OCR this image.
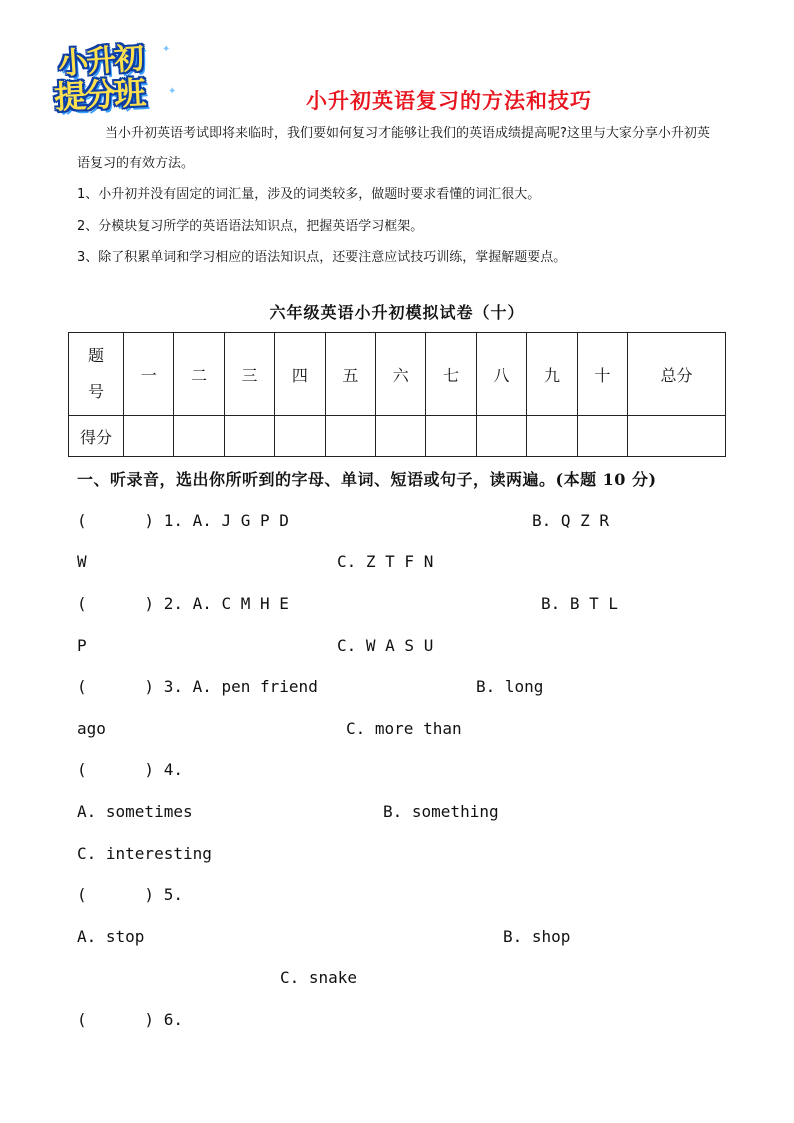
小升初
提分班
✦
✦	小升初英语复习的方法和技巧
当小升初英语考试即将来临时，我们要如何复习才能够让我们的英语成绩提高呢?这里与大家分享小升初英语复习的有效方法。
1、小升初并没有固定的词汇量，涉及的词类较多，做题时要求看懂的词汇很大。
2、分模块复习所学的英语语法知识点，把握英语学习框架。
3、除了积累单词和学习相应的语法知识点，还要注意应试技巧训练，掌握解题要点。
六年级英语小升初模拟试卷（十）
题
号	一	二	三	四	五	六	七	八	九	十	总分
得分											
一、听录音，选出你所听到的字母、单词、短语或句子，读两遍。(本题 10 分)
(      ) 1. A. J G P D	B. Q Z R
W	C. Z T F N
(      ) 2. A. C M H E	B. B T L
P	C. W A S U
(      ) 3. A. pen friend	B. long
ago	C. more than
(      ) 4.
A. sometimes	B. something
C. interesting
(      ) 5.
A. stop	B. shop
C. snake
(      ) 6.
